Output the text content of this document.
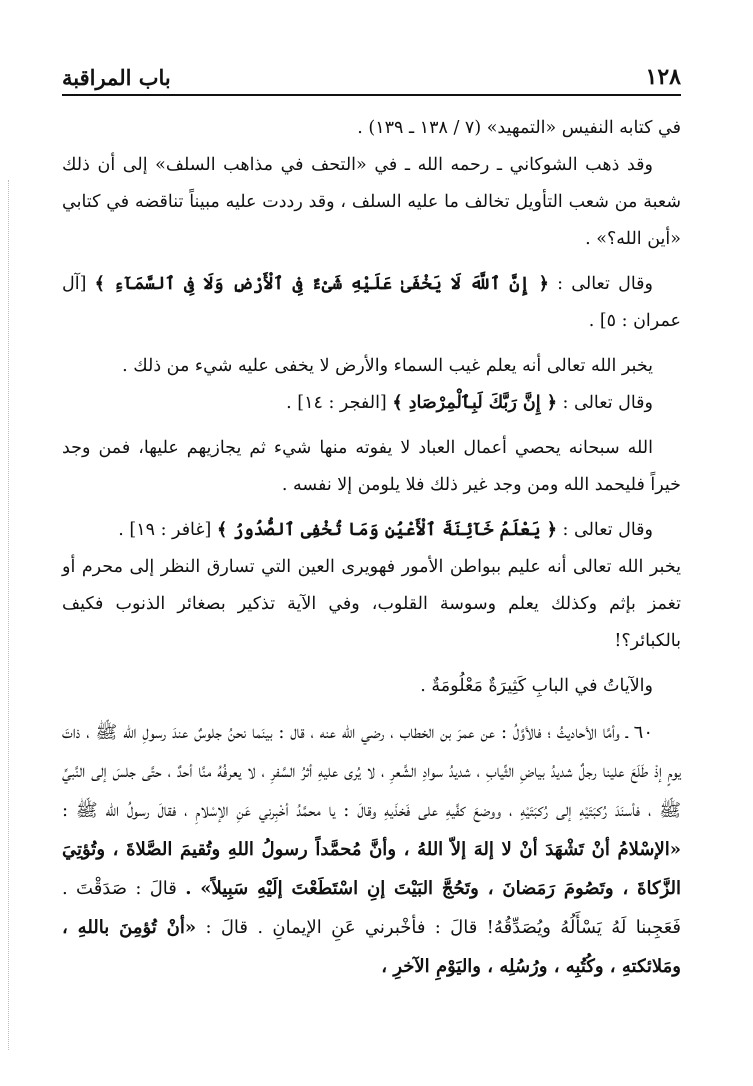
١٢٨
باب المراقبة

في كتابه النفيس «التمهيد» (٧ / ١٣٨ ـ ١٣٩) .

وقد ذهب الشوكاني ـ رحمه الله ـ في «التحف في مذاهب السلف» إلى أن ذلك شعبة من شعب التأويل تخالف ما عليه السلف ، وقد رددت عليه مبيناً تناقضه في كتابي «أين الله؟» .

وقال تعالى : ﴿ إِنَّ ٱللَّهَ لَا يَخْفَىٰ عَلَيْهِ شَىْءٌ فِى ٱلْأَرْضِ وَلَا فِى ٱلسَّمَآءِ ﴾ [آل عمران : ٥] .

يخبر الله تعالى أنه يعلم غيب السماء والأرض لا يخفى عليه شيء من ذلك .

وقال تعالى : ﴿ إِنَّ رَبَّكَ لَبِٱلْمِرْصَادِ ﴾ [الفجر : ١٤] .

الله سبحانه يحصي أعمال العباد لا يفوته منها شيء ثم يجازيهم عليها، فمن وجد خيراً فليحمد الله ومن وجد غير ذلك فلا يلومن إلا نفسه .

وقال تعالى : ﴿ يَعْلَمُ خَآئِنَةَ ٱلْأَعْيُنِ وَمَا تُخْفِى ٱلصُّدُورُ ﴾ [غافر : ١٩] .

يخبر الله تعالى أنه عليم ببواطن الأمور فهويرى العين التي تسارق النظر إلى محرم أو تغمز بإثم وكذلك يعلم وسوسة القلوب، وفي الآية تذكير بصغائر الذنوب فكيف بالكبائر؟!

والآياتُ في البابِ كَثِيرَةٌ مَعْلُومَةٌ .

٦٠ ـ وأمَّا الأحاديثُ ؛ فالأوَّلُ : عن عمرَ بن الخطاب ، رضي الله عنه ، قال : بينَما نحنُ جلوسٌ عندَ رسولِ الله ﷺ ، ذاتَ يومٍ إذْ طَلَعَ علينا رجلٌ شديدُ بياضِ الثِّيابِ ، شديدُ سوادِ الشَّعرِ ، لا يُرى عليهِ أثرُ السَّفرِ ، لا يعرفُهُ منَّا أحدٌ ، حتَّى جلسَ إلى النَّبيِّ ﷺ ، فأسنَدَ رُكبَتَيْهِ إلى رُكبَتَيْهِ ، ووضعَ كفَّيهِ على فَخذَيهِ وقالَ : يا محمَّدُ أخْبِرني عَنِ الإسْلامِ ، فقالَ رسولُ الله ﷺ : «الإسْلامُ أنْ تَشْهَدَ أنْ لا إلهَ إلاّ اللهُ ، وأنَّ مُحمَّداً رسولُ اللهِ وتُقيمَ الصَّلاةَ ، وتُؤتِيَ الزَّكاةَ ، وتَصُومَ رَمَضانَ ، وتَحُجَّ البَيْتَ إنِ اسْتَطَعْتَ إلَيْهِ سَبِيلاً» . قالَ : صَدَقْتَ . فَعَجِبنا لَهُ يَسْأَلُهُ ويُصَدِّقُهُ! قالَ : فأخْبرني عَنِ الإيمانِ . قالَ : «أنْ تُؤمِنَ باللهِ ، ومَلائكتهِ ، وكُتُبِه ، ورُسُلِه ، واليَوْمِ الآخرِ ،
